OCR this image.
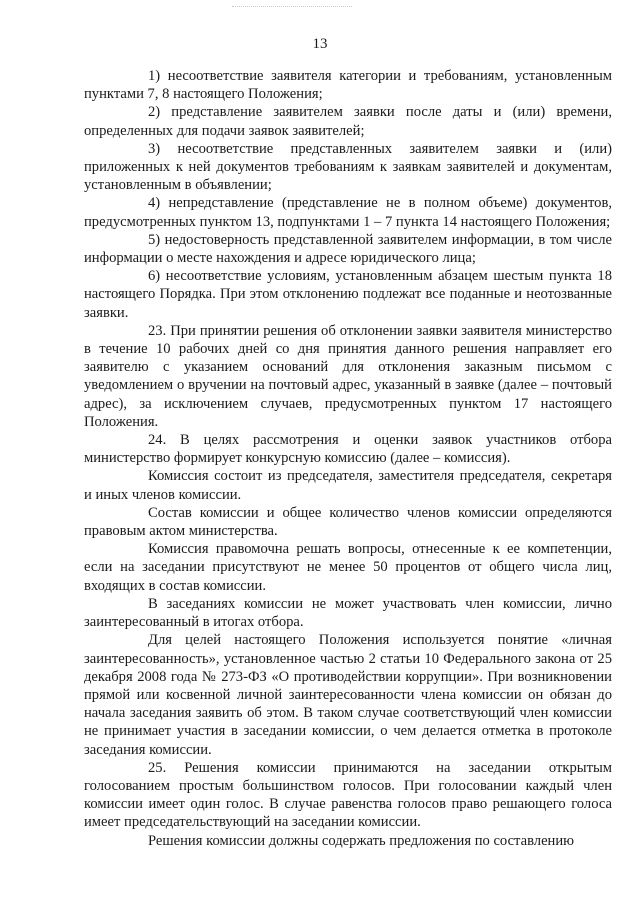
13

1) несоответствие заявителя категории и требованиям, установленным пунктами 7, 8 настоящего Положения;

2) представление заявителем заявки после даты и (или) времени, определенных для подачи заявок заявителей;

3) несоответствие представленных заявителем заявки и (или) приложенных к ней документов требованиям к заявкам заявителей и документам, установленным в объявлении;

4) непредставление (представление не в полном объеме) документов, предусмотренных пунктом 13, подпунктами 1 – 7 пункта 14 настоящего Положения;

5) недостоверность представленной заявителем информации, в том числе информации о месте нахождения и адресе юридического лица;

6) несоответствие условиям, установленным абзацем шестым пункта 18 настоящего Порядка. При этом отклонению подлежат все поданные и неотозванные заявки.

23. При принятии решения об отклонении заявки заявителя министерство в течение 10 рабочих дней со дня принятия данного решения направляет его заявителю с указанием оснований для отклонения заказным письмом с уведомлением о вручении на почтовый адрес, указанный в заявке (далее – почтовый адрес), за исключением случаев, предусмотренных пунктом 17 настоящего Положения.

24. В целях рассмотрения и оценки заявок участников отбора министерство формирует конкурсную комиссию (далее – комиссия).

Комиссия состоит из председателя, заместителя председателя, секретаря и иных членов комиссии.

Состав комиссии и общее количество членов комиссии определяются правовым актом министерства.

Комиссия правомочна решать вопросы, отнесенные к ее компетенции, если на заседании присутствуют не менее 50 процентов от общего числа лиц, входящих в состав комиссии.

В заседаниях комиссии не может участвовать член комиссии, лично заинтересованный в итогах отбора.

Для целей настоящего Положения используется понятие «личная заинтересованность», установленное частью 2 статьи 10 Федерального закона от 25 декабря 2008 года № 273-ФЗ «О противодействии коррупции». При возникновении прямой или косвенной личной заинтересованности члена комиссии он обязан до начала заседания заявить об этом. В таком случае соответствующий член комиссии не принимает участия в заседании комиссии, о чем делается отметка в протоколе заседания комиссии.

25. Решения комиссии принимаются на заседании открытым голосованием простым большинством голосов. При голосовании каждый член комиссии имеет один голос. В случае равенства голосов право решающего голоса имеет председательствующий на заседании комиссии.

Решения комиссии должны содержать предложения по составлению
